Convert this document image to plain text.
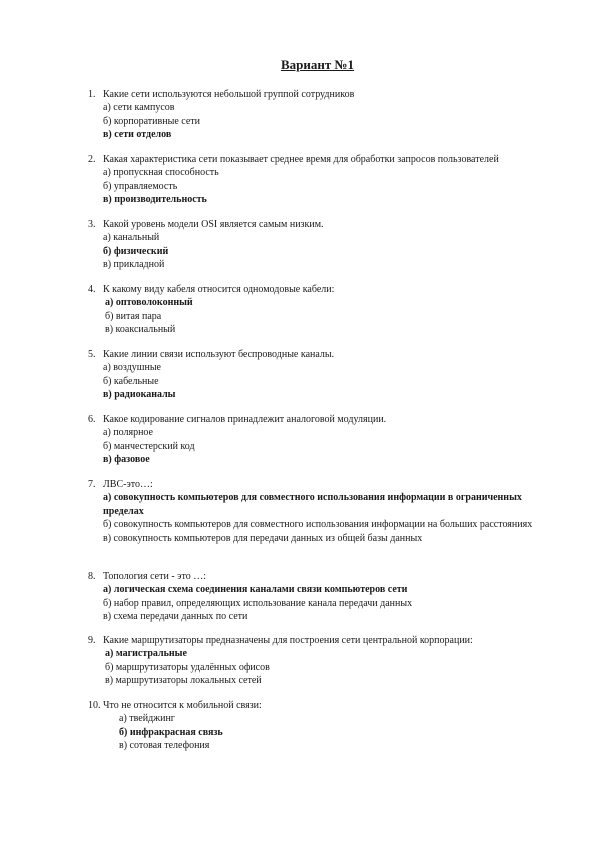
Вариант №1
1. Какие сети используются небольшой группой сотрудников
а) сети кампусов
б) корпоративные сети
в) сети отделов
2. Какая характеристика сети показывает среднее время для обработки запросов пользователей
а) пропускная способность
б) управляемость
в) производительность
3. Какой уровень модели OSI является самым низким.
а) канальный
б) физический
в) прикладной
4. К какому виду кабеля относится одномодовые кабели:
а) оптоволоконный
б) витая пара
в) коаксиальный
5. Какие линии связи используют беспроводные каналы.
а) воздушные
б) кабельные
в) радиоканалы
6. Какое кодирование сигналов принадлежит аналоговой модуляции.
а) полярное
б) манчестерский код
в) фазовое
7. ЛВС-это…:
а) совокупность компьютеров для совместного использования информации в ограниченных пределах
б) совокупность компьютеров для совместного использования информации на больших расстояниях
в) совокупность компьютеров для передачи данных из общей базы данных
8. Топология сети - это …:
а) логическая схема соединения каналами связи компьютеров сети
б) набор правил, определяющих использование канала передачи данных
в) схема передачи данных по сети
9. Какие маршрутизаторы предназначены для построения сети центральной корпорации:
а) магистральные
б) маршрутизаторы удалённых офисов
в) маршрутизаторы локальных сетей
10. Что не относится к мобильной связи:
а) твейджинг
б) инфракрасная связь
в) сотовая телефония
